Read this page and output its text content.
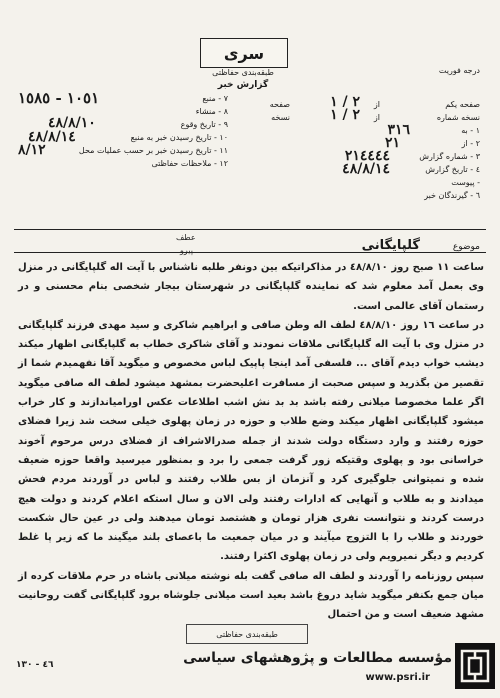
سری
طبقه‌بندی حفاظتی
گزارش خبر
درجه فوریت
صفحه یکم
از
صفحه	٢ / ١
نسخه شماره
از
نسخه	٢ / ١
١ - به
٣١٦
٢ - از
٢١
٣ - شماره گزارش
٢١٤٤٤٤
٤ - تاریخ گزارش
٤٨/٨/١٤
- پیوست
٦ - گیرندگان خبر
٧ - منبع
١٠٥١ - ١٥٨٥
٨ - منشاء
٩ - تاریخ وقوع
٤٨/٨/١٠
١٠ - تاریخ رسیدن خبر به منبع
٤٨/٨/١٤
١١ - تاریخ رسیدن خبر بر حسب عملیات محل
٨/١٢
١٢ - ملاحظات حفاظتی
عطف
پیرو	موضوع گلپایگانی

ساعت ١١ صبح روز ٤٨/٨/١٠ در مذاکراتیکه بین دونفر طلبه ناشناس با آیت اله گلپایگانی در منزل وی بعمل آمد معلوم شد که نماینده گلپایگانی در شهرستان بیجار شخصی بنام محسنی و در رستمان آقای عالمی است.

در ساعت ١٦ روز ٤٨/٨/١٠ لطف اله وطن صافی و ابراهیم شاکری و سید مهدی فرزند گلپایگانی در منزل وی با آیت اله گلپایگانی ملاقات نمودند و آقای شاکری خطاب به گلپایگانی اظهار میکند دیشب خواب دیدم آقای ... فلسفی آمد اینجا پاپیک لباس مخصوص و میگوید آقا نفهمیدم شما از تقصیر من بگذرید و سپس صحبت از مسافرت اعلیحضرت بمشهد میشود لطف اله صافی میگوید اگر علما مخصوصا میلانی رفته باشد بد بد نش اشب اطلاعات عکس اورامیاندازند و کار خراب میشود گلپایگانی اظهار میکند وضع طلاب و حوزه در زمان پهلوی خیلی سخت شد زیرا فضلای حوزه رفتند و وارد دستگاه دولت شدند از جمله صدرالاشراف از فضلای درس مرحوم آخوند خراسانی بود و پهلوی وقتیکه زور گرفت جمعی را برد و بمنظور میرسید واقعا حوزه ضعیف شده و نمیتوانی جلوگیری کرد و آنزمان از بس طلاب رفتند و لباس در آوردند مردم فحش میدادند و به طلاب و آنهایی که ادارات رفتند ولی الان و سال استکه اعلام کردند و دولت هیچ درست کردند و نتوانست نفری هزار تومان و هشتصد تومان میدهند ولی در عین حال شکست خوردند و طلاب را با التزوج میآیند و در میان جمعیت ما باعصای بلند میگیند ما که زیر پا غلط کردیم و دیگر نمیرویم ولی در زمان پهلوی اکثرا رفتند.

سپس روزنامه را آوردند و لطف اله صافی گفت بله نوشته میلانی باشاه در حرم ملاقات کرده از میان جمع بکنفر میگوید شاید دروغ باشد بعید است میلانی جلوشاه برود گلپایگانی گفت روحانیت مشهد ضعیف است و من احتمال

طبقه‌بندی حفاظتی
٤٦ - ١٣٠	مؤسسه مطالعات و پژوهشهای سیاسی
www.psri.ir
